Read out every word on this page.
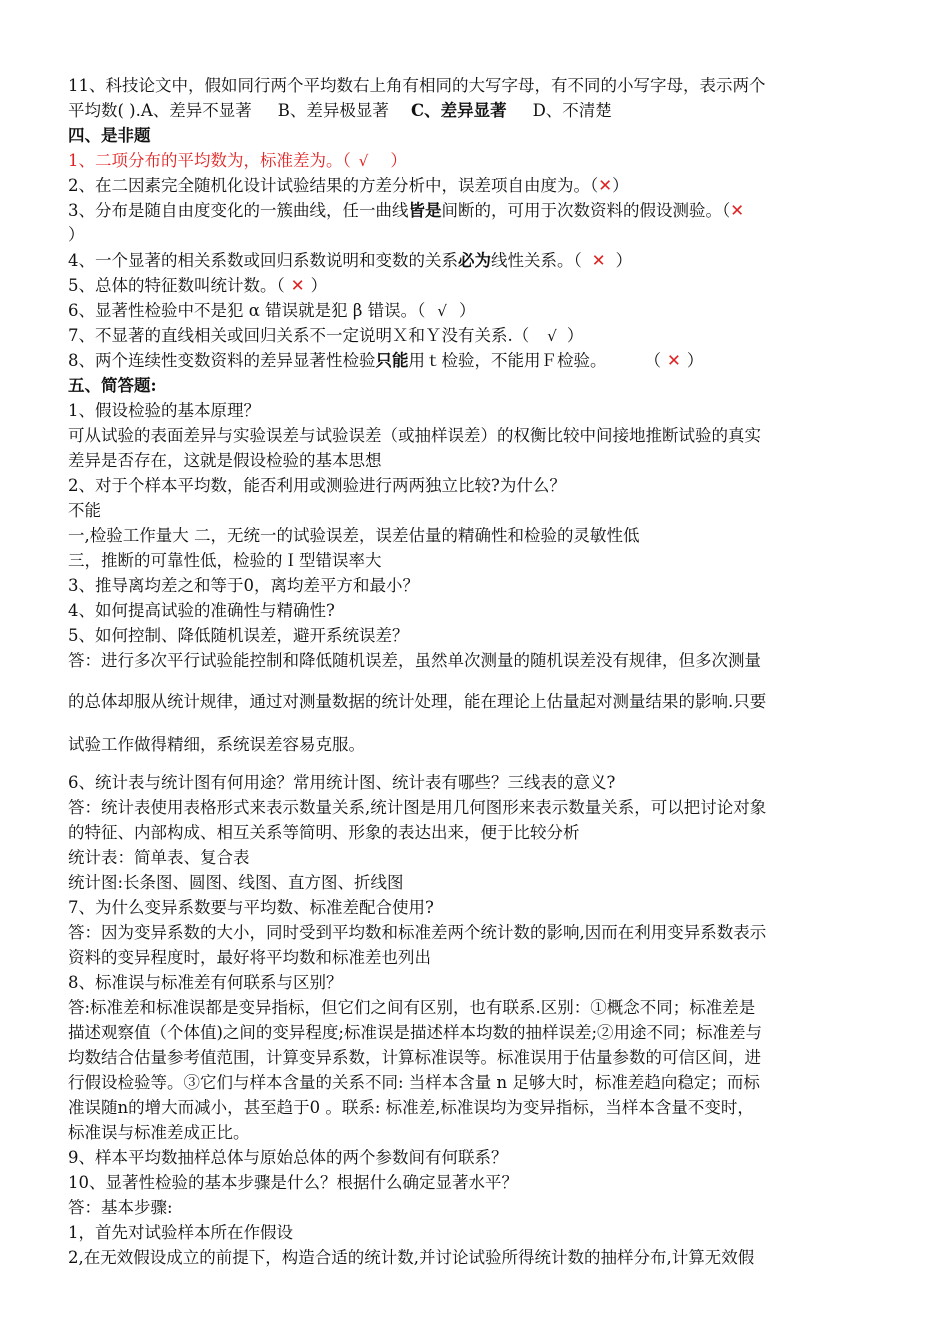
11、科技论文中，假如同行两个平均数右上角有相同的大写字母，有不同的小写字母，表示两个
平均数( ).A、差异不显著 B、差异极显著 C、差异显著 D、不清楚
四、是非题
1、二项分布的平均数为，标准差为。（ √ ）
2、在二因素完全随机化设计试验结果的方差分析中，误差项自由度为。（✕）
3、分布是随自由度变化的一簇曲线，任一曲线皆是间断的，可用于次数资料的假设测验。（✕
）
4、一个显著的相关系数或回归系数说明和变数的关系必为线性关系。（ ✕ ）
5、总体的特征数叫统计数。（ ✕ ）
6、显著性检验中不是犯 α 错误就是犯 β 错误。（ √ ）
7、不显著的直线相关或回归关系不一定说明Ｘ和Ｙ没有关系.（ √ ）
8、两个连续性变数资料的差异显著性检验只能用ｔ检验，不能用Ｆ检验。 （ ✕ ）
五、简答题:
1、假设检验的基本原理？
可从试验的表面差异与实验误差与试验误差（或抽样误差）的权衡比较中间接地推断试验的真实
差异是否存在，这就是假设检验的基本思想
2、对于个样本平均数，能否利用或测验进行两两独立比较?为什么？
不能
一,检验工作量大 二，无统一的试验误差，误差估量的精确性和检验的灵敏性低
三，推断的可靠性低，检验的Ｉ型错误率大
3、推导离均差之和等于0，离均差平方和最小？
4、如何提高试验的准确性与精确性?
5、如何控制、降低随机误差，避开系统误差？
答：进行多次平行试验能控制和降低随机误差，虽然单次测量的随机误差没有规律，但多次测量
的总体却服从统计规律，通过对测量数据的统计处理，能在理论上估量起对测量结果的影响.只要
试验工作做得精细，系统误差容易克服。
6、统计表与统计图有何用途？常用统计图、统计表有哪些？三线表的意义?
答：统计表使用表格形式来表示数量关系,统计图是用几何图形来表示数量关系，可以把讨论对象
的特征、内部构成、相互关系等简明、形象的表达出来，便于比较分析
统计表：简单表、复合表
统计图:长条图、圆图、线图、直方图、折线图
7、为什么变异系数要与平均数、标准差配合使用?
答：因为变异系数的大小，同时受到平均数和标准差两个统计数的影响,因而在利用变异系数表示
资料的变异程度时，最好将平均数和标准差也列出
8、标准误与标准差有何联系与区别？
答:标准差和标准误都是变异指标，但它们之间有区别，也有联系.区别：①概念不同；标准差是
描述观察值（个体值)之间的变异程度;标准误是描述样本均数的抽样误差;②用途不同；标准差与
均数结合估量参考值范围，计算变异系数，计算标准误等。标准误用于估量参数的可信区间，进
行假设检验等。③它们与样本含量的关系不同: 当样本含量 n 足够大时，标准差趋向稳定；而标
准误随n的增大而减小，甚至趋于0 。联系: 标准差,标准误均为变异指标，当样本含量不变时，
标准误与标准差成正比。
9、样本平均数抽样总体与原始总体的两个参数间有何联系？
10、显著性检验的基本步骤是什么？根据什么确定显著水平？
答：基本步骤:
1，首先对试验样本所在作假设
2,在无效假设成立的前提下，构造合适的统计数,并讨论试验所得统计数的抽样分布,计算无效假
